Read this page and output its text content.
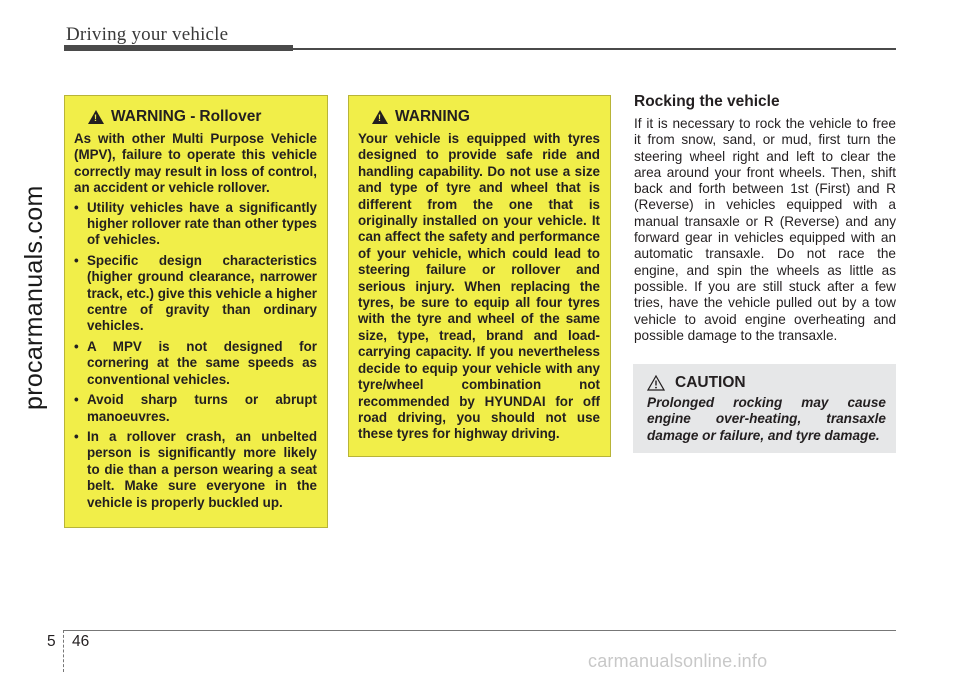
Driving your vehicle
procarmanuals.com
!
WARNING - Rollover

As with other Multi Purpose Vehicle (MPV), failure to operate this vehicle correctly may result in loss of control, an accident or vehicle rollover.

• Utility vehicles have a significantly higher rollover rate than other types of vehicles.
• Specific design characteristics (higher ground clearance, narrower track, etc.) give this vehicle a higher centre of gravity than ordinary vehicles.
• A MPV is not designed for cornering at the same speeds as conventional vehicles.
• Avoid sharp turns or abrupt manoeuvres.
• In a rollover crash, an unbelted person is significantly more likely to die than a person wearing a seat belt. Make sure everyone in the vehicle is properly buckled up.
!
WARNING

Your vehicle is equipped with tyres designed to provide safe ride and handling capability. Do not use a size and type of tyre and wheel that is different from the one that is originally installed on your vehicle. It can affect the safety and performance of your vehicle, which could lead to steering failure or rollover and serious injury. When replacing the tyres, be sure to equip all four tyres with the tyre and wheel of the same size, type, tread, brand and load-carrying capacity. If you nevertheless decide to equip your vehicle with any tyre/wheel combination not recommended by HYUNDAI for off road driving, you should not use these tyres for highway driving.

Rocking the vehicle
If it is necessary to rock the vehicle to free it from snow, sand, or mud, first turn the steering wheel right and left to clear the area around your front wheels. Then, shift back and forth between 1st (First) and R (Reverse) in vehicles equipped with a manual transaxle or R (Reverse) and any forward gear in vehicles equipped with an automatic transaxle. Do not race the engine, and spin the wheels as little as possible. If you are still stuck after a few tries, have the vehicle pulled out by a tow vehicle to avoid engine overheating and possible damage to the transaxle.
CAUTION
Prolonged rocking may cause engine over-heating, transaxle damage or failure, and tyre damage.
5 46
carmanualsonline.info
